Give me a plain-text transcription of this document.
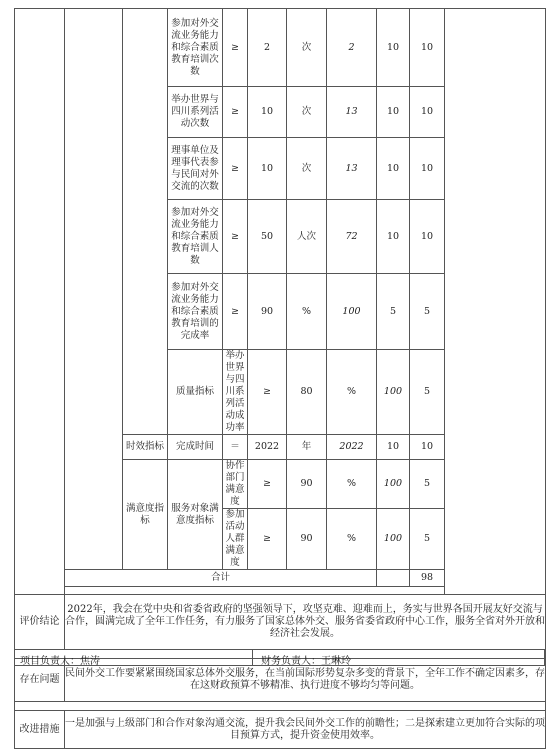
			参加对外交流业务能力和综合素质教育培训次数	≥	2	次	2	10	10		
			举办世界与四川系列活动次数	≥	10	次	13	10	10		
			理事单位及理事代表参与民间对外交流的次数	≥	10	次	13	10	10		
			参加对外交流业务能力和综合素质教育培训人数	≥	50	人次	72	10	10		
			参加对外交流业务能力和综合素质教育培训的完成率	≥	90	%	100	5	5		
			质量指标	举办世界与四川系列活动成功率	≥	80	%	100	5	
		时效指标	完成时间	＝	2022	年	2022	10	10		
		满意度指标	服务对象满意度指标	协作部门满意度	≥	90	%	100	5	
				参加活动人群满意度	≥	90	%	100	5	
	合计								98		

评价结论	2022年，我会在党中央和省委省政府的坚强领导下，攻坚克难、迎难而上，务实与世界各国开展友好交流与合作，圆满完成了全年工作任务，有力服务了国家总体外交、服务省委省政府中心工作，服务全省对外开放和经济社会发展。										

存在问题	民间外交工作要紧紧围绕国家总体外交服务，在当前国际形势复杂多变的背景下，全年工作不确定因素多，存在这财政预算不够精准、执行进度不够均匀等问题。										

改进措施	一是加强与上级部门和合作对象沟通交流，提升我会民间外交工作的前瞻性；二是探索建立更加符合实际的项目预算方式，提升资金使用效率。										
项目负责人：焦涛	财务负责人：王琳玲
